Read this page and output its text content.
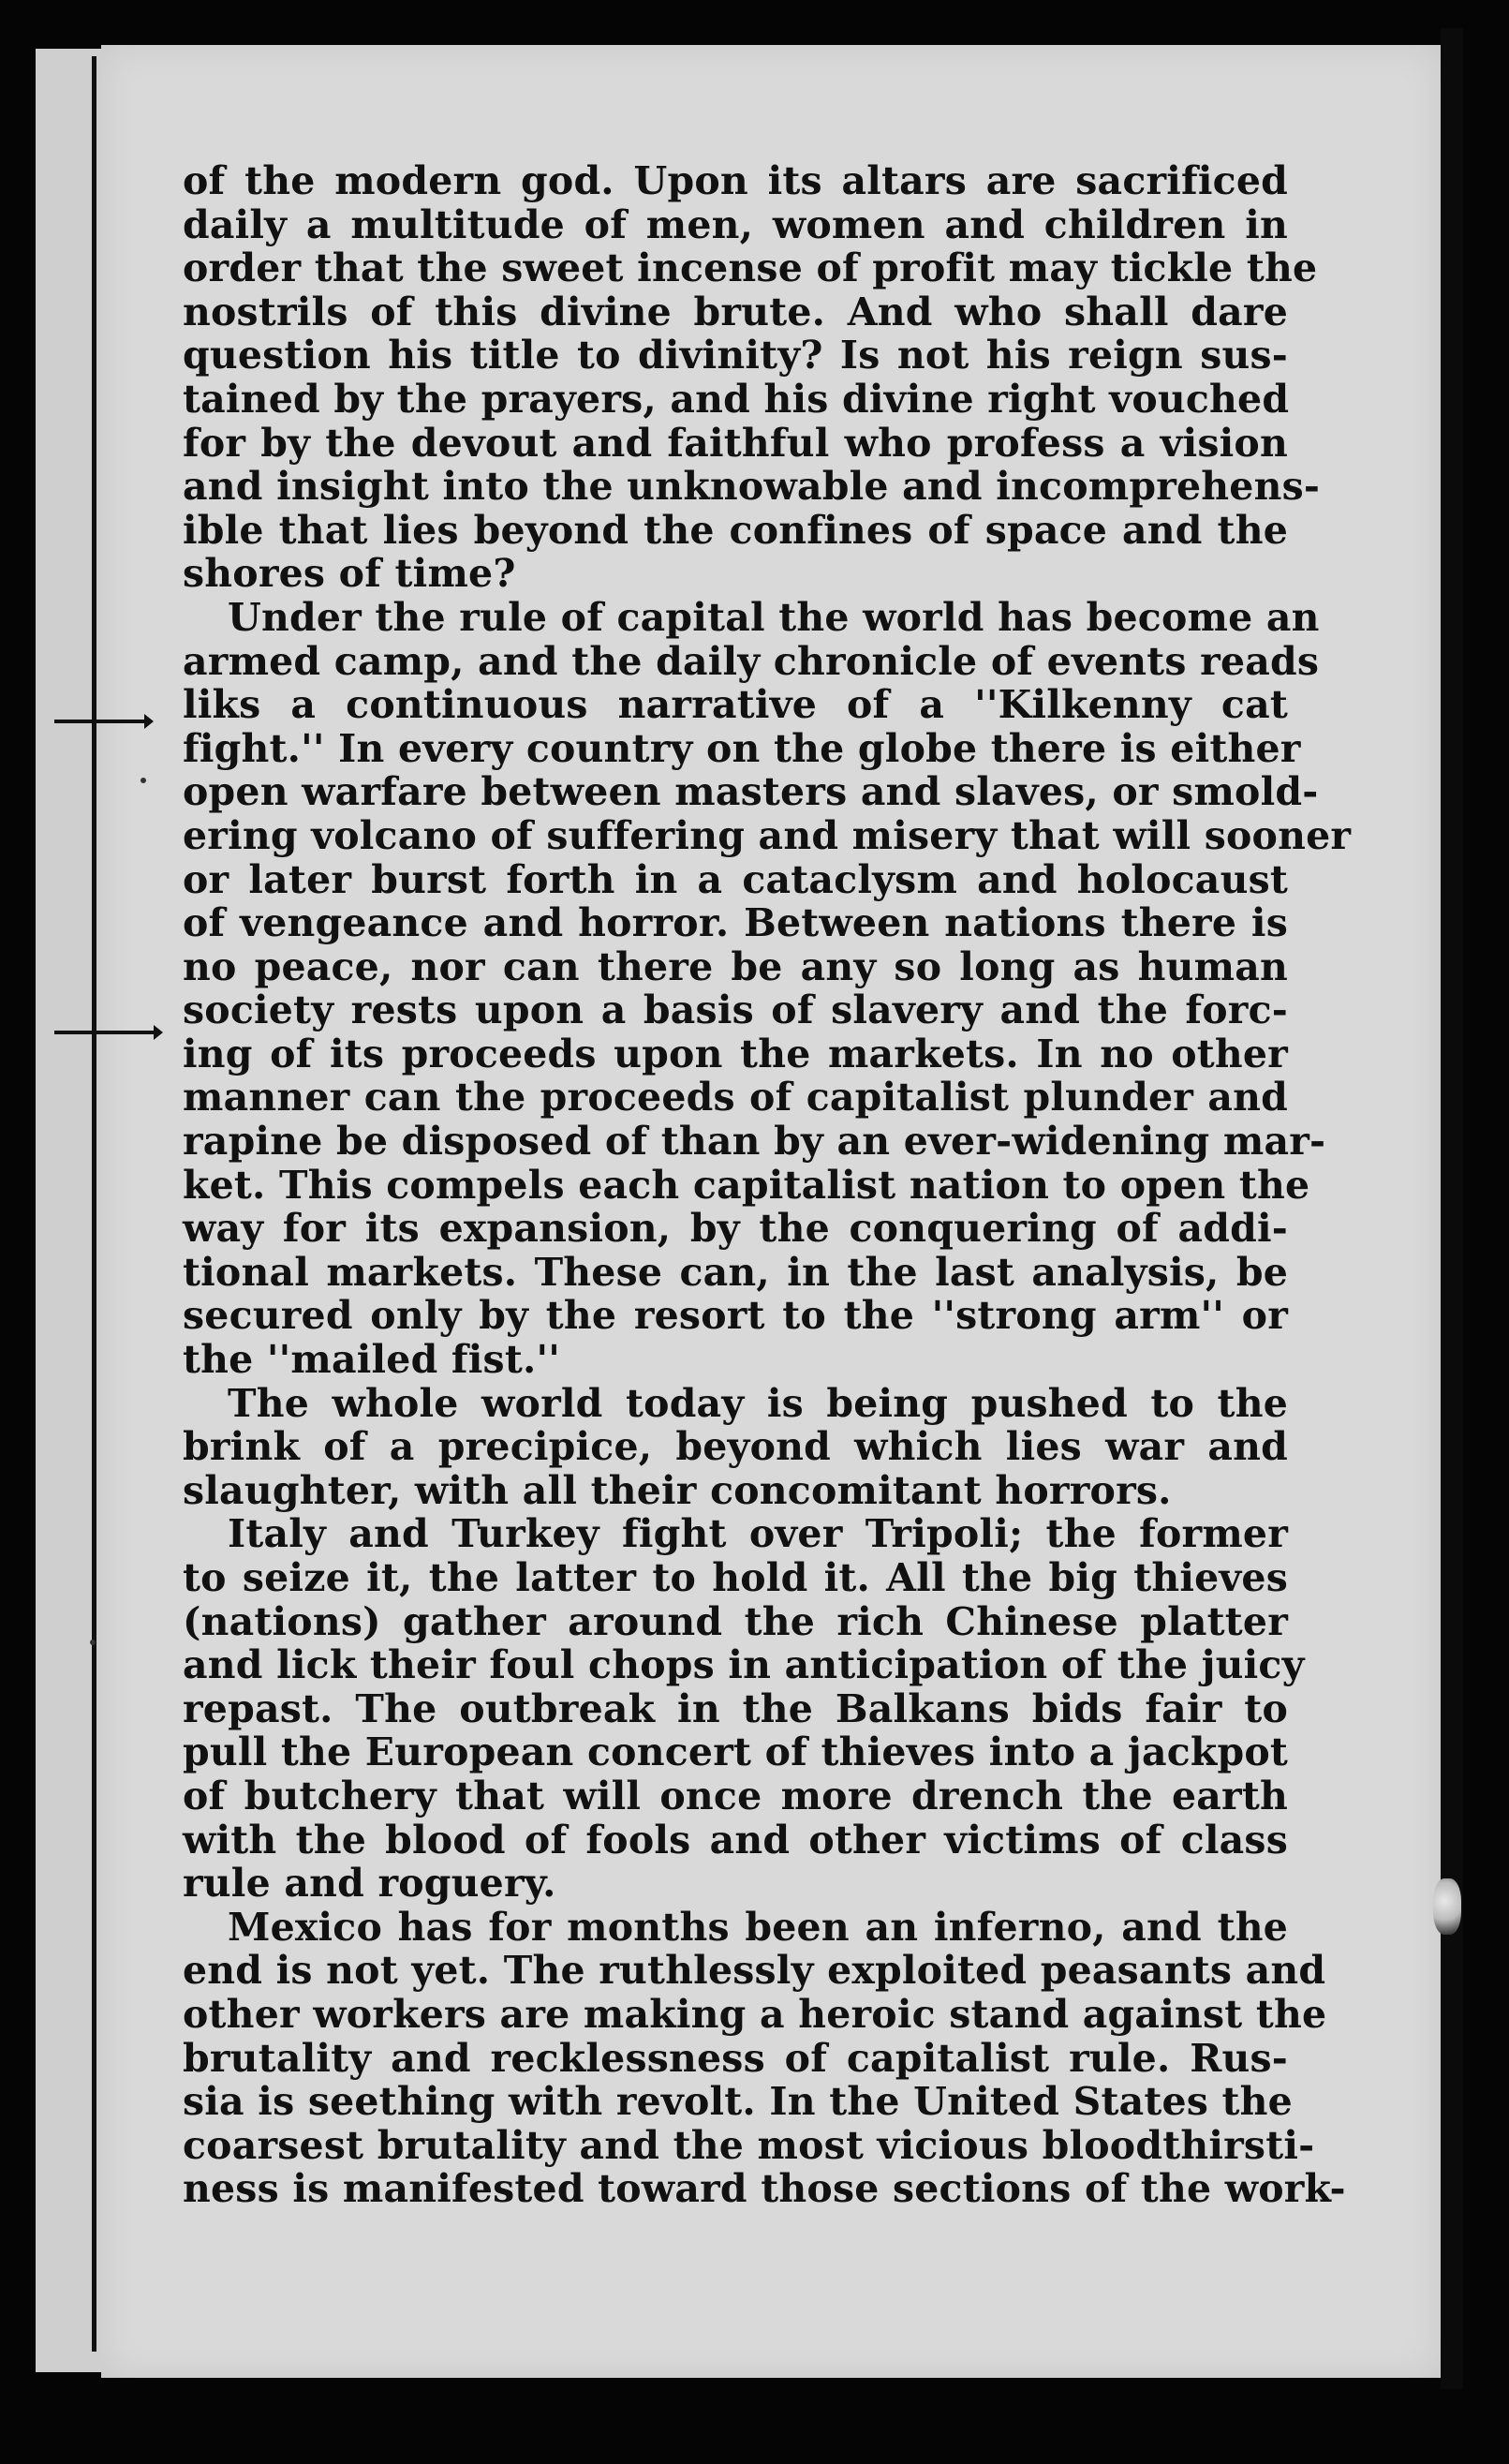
of the modern god. Upon its altars are sacrificed
daily a multitude of men, women and children in
order that the sweet incense of profit may tickle the
nostrils of this divine brute. And who shall dare
question his title to divinity? Is not his reign sus-
tained by the prayers, and his divine right vouched
for by the devout and faithful who profess a vision
and insight into the unknowable and incomprehens-
ible that lies beyond the confines of space and the
shores of time?
Under the rule of capital the world has become an
armed camp, and the daily chronicle of events reads
liks a continuous narrative of a ''Kilkenny cat
fight.'' In every country on the globe there is either
open warfare between masters and slaves, or smold-
ering volcano of suffering and misery that will sooner
or later burst forth in a cataclysm and holocaust
of vengeance and horror. Between nations there is
no peace, nor can there be any so long as human
society rests upon a basis of slavery and the forc-
ing of its proceeds upon the markets. In no other
manner can the proceeds of capitalist plunder and
rapine be disposed of than by an ever-widening mar-
ket. This compels each capitalist nation to open the
way for its expansion, by the conquering of addi-
tional markets. These can, in the last analysis, be
secured only by the resort to the ''strong arm'' or
the ''mailed fist.''
The whole world today is being pushed to the
brink of a precipice, beyond which lies war and
slaughter, with all their concomitant horrors.
Italy and Turkey fight over Tripoli; the former
to seize it, the latter to hold it. All the big thieves
(nations) gather around the rich Chinese platter
and lick their foul chops in anticipation of the juicy
repast. The outbreak in the Balkans bids fair to
pull the European concert of thieves into a jackpot
of butchery that will once more drench the earth
with the blood of fools and other victims of class
rule and roguery.
Mexico has for months been an inferno, and the
end is not yet. The ruthlessly exploited peasants and
other workers are making a heroic stand against the
brutality and recklessness of capitalist rule. Rus-
sia is seething with revolt. In the United States the
coarsest brutality and the most vicious bloodthirsti-
ness is manifested toward those sections of the work-
